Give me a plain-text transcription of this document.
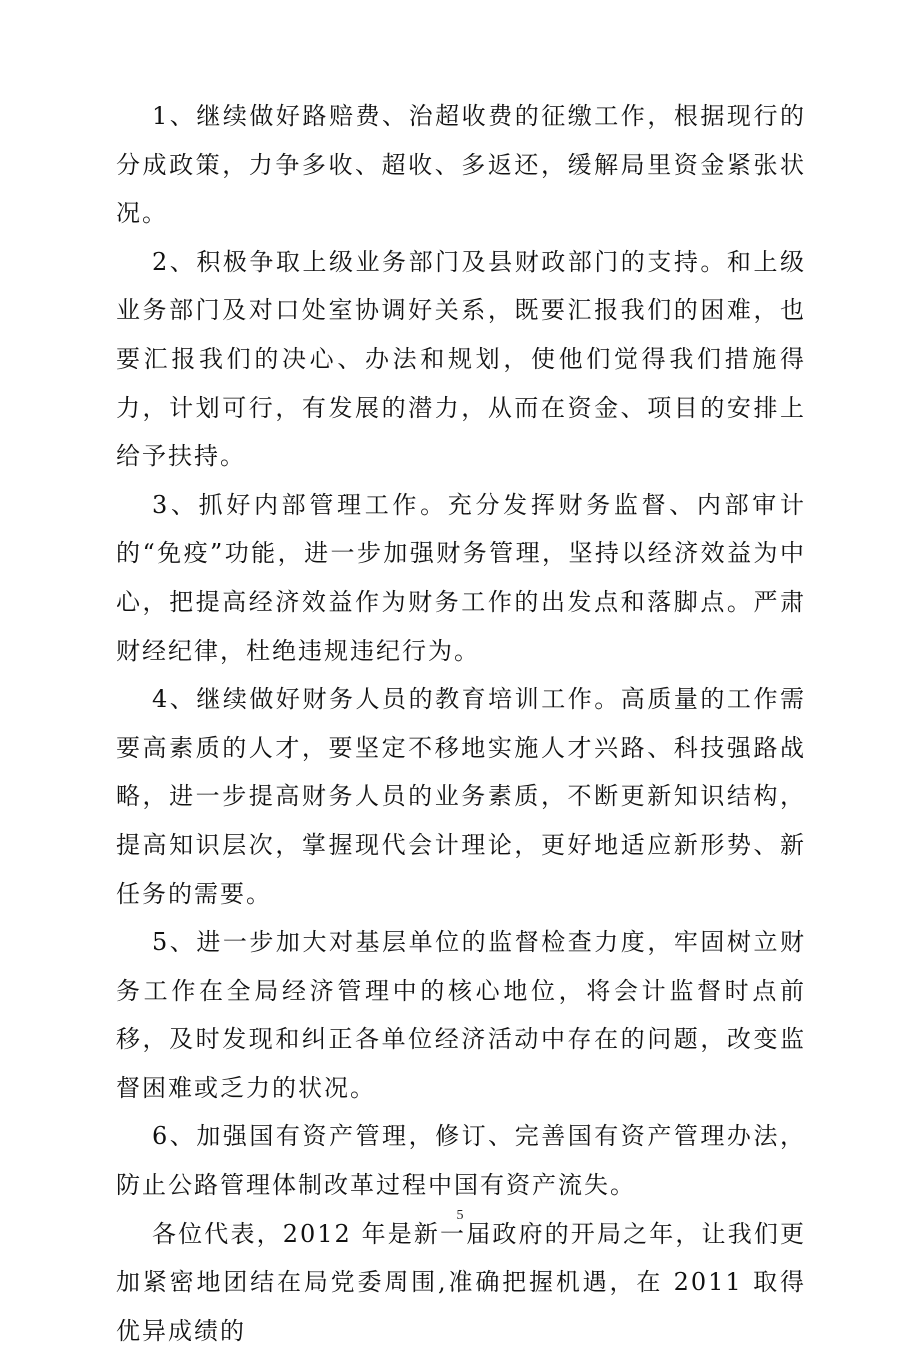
1、继续做好路赔费、治超收费的征缴工作，根据现行的分成政策，力争多收、超收、多返还，缓解局里资金紧张状况。

2、积极争取上级业务部门及县财政部门的支持。和上级业务部门及对口处室协调好关系，既要汇报我们的困难，也要汇报我们的决心、办法和规划，使他们觉得我们措施得力，计划可行，有发展的潜力，从而在资金、项目的安排上给予扶持。

3、抓好内部管理工作。充分发挥财务监督、内部审计的“免疫”功能，进一步加强财务管理，坚持以经济效益为中心，把提高经济效益作为财务工作的出发点和落脚点。严肃财经纪律，杜绝违规违纪行为。

4、继续做好财务人员的教育培训工作。高质量的工作需要高素质的人才，要坚定不移地实施人才兴路、科技强路战略，进一步提高财务人员的业务素质，不断更新知识结构，提高知识层次，掌握现代会计理论，更好地适应新形势、新任务的需要。

5、进一步加大对基层单位的监督检查力度，牢固树立财务工作在全局经济管理中的核心地位，将会计监督时点前移，及时发现和纠正各单位经济活动中存在的问题，改变监督困难或乏力的状况。

6、加强国有资产管理，修订、完善国有资产管理办法，防止公路管理体制改革过程中国有资产流失。

各位代表，2012 年是新一届政府的开局之年，让我们更加紧密地团结在局党委周围,准确把握机遇，在 2011 取得优异成绩的

5
